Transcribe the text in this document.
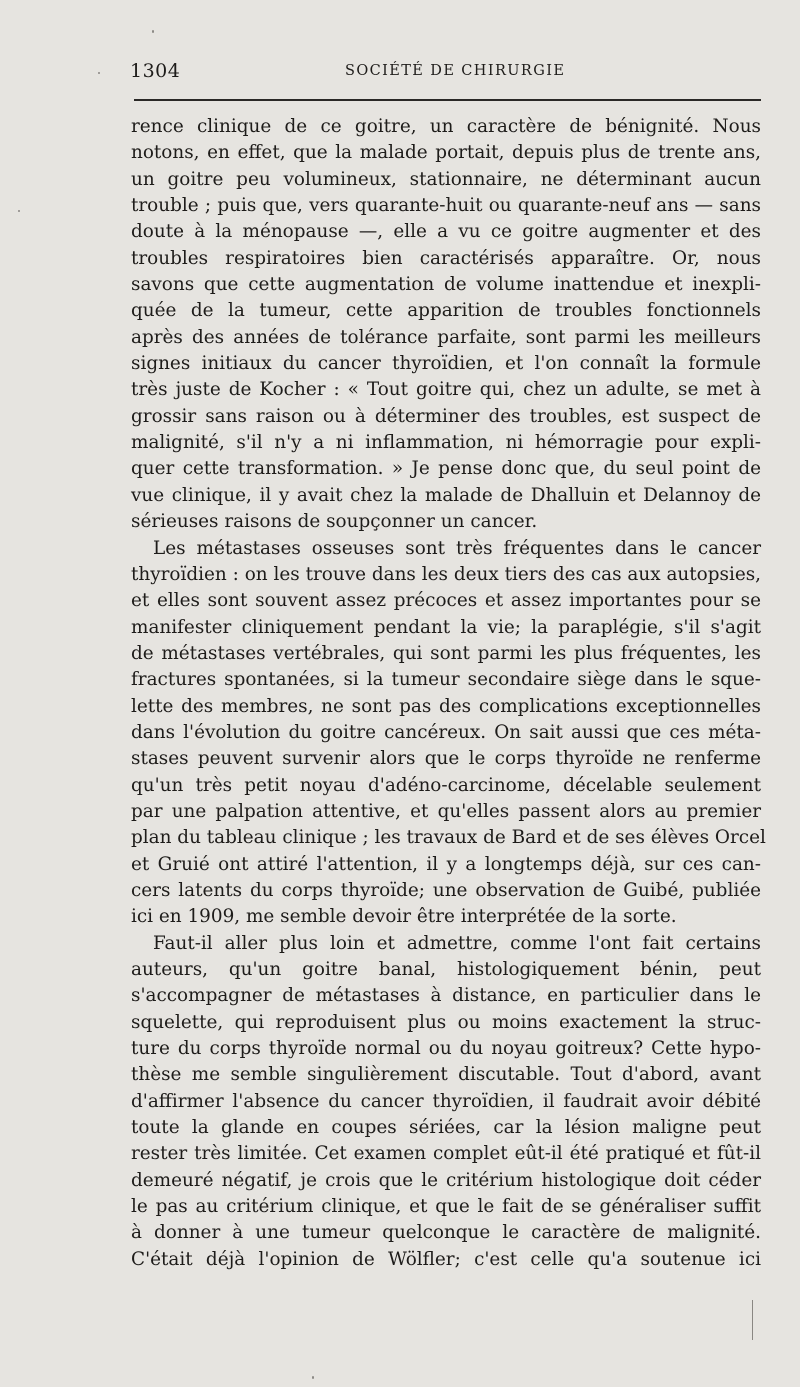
1304	SOCIÉTÉ DE CHIRURGIE
rence clinique de ce goitre, un caractère de bénignité. Nous
notons, en effet, que la malade portait, depuis plus de trente ans,
un goitre peu volumineux, stationnaire, ne déterminant aucun
trouble ; puis que, vers quarante-huit ou quarante-neuf ans — sans
doute à la ménopause —, elle a vu ce goitre augmenter et des
troubles respiratoires bien caractérisés apparaître. Or, nous
savons que cette augmentation de volume inattendue et inexpli-
quée de la tumeur, cette apparition de troubles fonctionnels
après des années de tolérance parfaite, sont parmi les meilleurs
signes initiaux du cancer thyroïdien, et l'on connaît la formule
très juste de Kocher : « Tout goitre qui, chez un adulte, se met à
grossir sans raison ou à déterminer des troubles, est suspect de
malignité, s'il n'y a ni inflammation, ni hémorragie pour expli-
quer cette transformation. » Je pense donc que, du seul point de
vue clinique, il y avait chez la malade de Dhalluin et Delannoy de
sérieuses raisons de soupçonner un cancer.
Les métastases osseuses sont très fréquentes dans le cancer
thyroïdien : on les trouve dans les deux tiers des cas aux autopsies,
et elles sont souvent assez précoces et assez importantes pour se
manifester cliniquement pendant la vie; la paraplégie, s'il s'agit
de métastases vertébrales, qui sont parmi les plus fréquentes, les
fractures spontanées, si la tumeur secondaire siège dans le sque-
lette des membres, ne sont pas des complications exceptionnelles
dans l'évolution du goitre cancéreux. On sait aussi que ces méta-
stases peuvent survenir alors que le corps thyroïde ne renferme
qu'un très petit noyau d'adéno-carcinome, décelable seulement
par une palpation attentive, et qu'elles passent alors au premier
plan du tableau clinique ; les travaux de Bard et de ses élèves Orcel
et Gruié ont attiré l'attention, il y a longtemps déjà, sur ces can-
cers latents du corps thyroïde; une observation de Guibé, publiée
ici en 1909, me semble devoir être interprétée de la sorte.
Faut-il aller plus loin et admettre, comme l'ont fait certains
auteurs, qu'un goitre banal, histologiquement bénin, peut
s'accompagner de métastases à distance, en particulier dans le
squelette, qui reproduisent plus ou moins exactement la struc-
ture du corps thyroïde normal ou du noyau goitreux? Cette hypo-
thèse me semble singulièrement discutable. Tout d'abord, avant
d'affirmer l'absence du cancer thyroïdien, il faudrait avoir débité
toute la glande en coupes sériées, car la lésion maligne peut
rester très limitée. Cet examen complet eût-il été pratiqué et fût-il
demeuré négatif, je crois que le critérium histologique doit céder
le pas au critérium clinique, et que le fait de se généraliser suffit
à donner à une tumeur quelconque le caractère de malignité.
C'était déjà l'opinion de Wölfler; c'est celle qu'a soutenue ici
